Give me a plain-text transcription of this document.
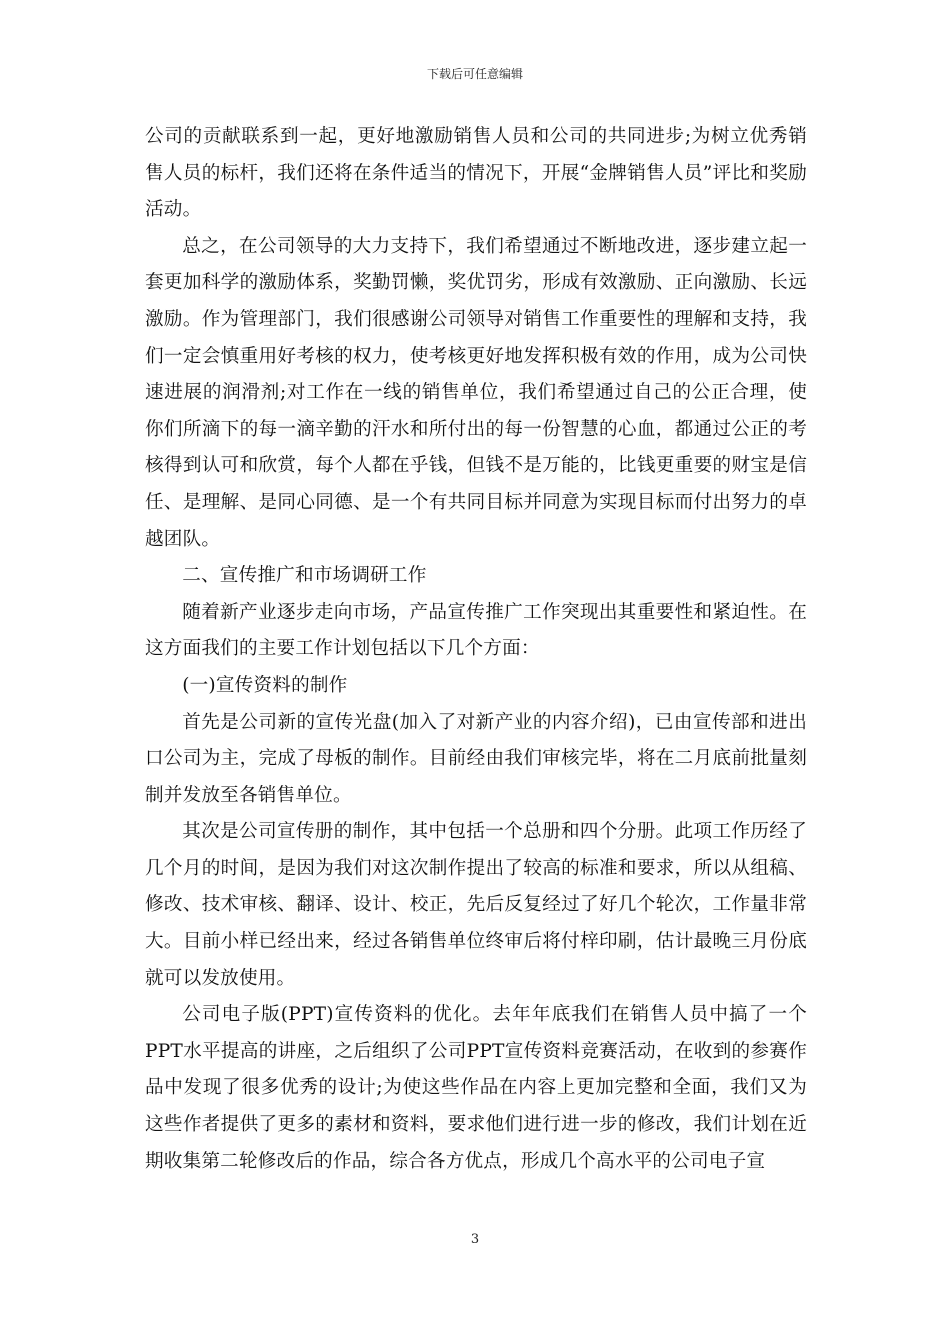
下载后可任意编辑

公司的贡献联系到一起，更好地激励销售人员和公司的共同进步;为树立优秀销售人员的标杆，我们还将在条件适当的情况下，开展“金牌销售人员”评比和奖励活动。

总之，在公司领导的大力支持下，我们希望通过不断地改进，逐步建立起一套更加科学的激励体系，奖勤罚懒，奖优罚劣，形成有效激励、正向激励、长远激励。作为管理部门，我们很感谢公司领导对销售工作重要性的理解和支持，我们一定会慎重用好考核的权力，使考核更好地发挥积极有效的作用，成为公司快速进展的润滑剂;对工作在一线的销售单位，我们希望通过自己的公正合理，使你们所滴下的每一滴辛勤的汗水和所付出的每一份智慧的心血，都通过公正的考核得到认可和欣赏，每个人都在乎钱，但钱不是万能的，比钱更重要的财宝是信任、是理解、是同心同德、是一个有共同目标并同意为实现目标而付出努力的卓越团队。

二、宣传推广和市场调研工作

随着新产业逐步走向市场，产品宣传推广工作突现出其重要性和紧迫性。在这方面我们的主要工作计划包括以下几个方面：

(一)宣传资料的制作

首先是公司新的宣传光盘(加入了对新产业的内容介绍)，已由宣传部和进出口公司为主，完成了母板的制作。目前经由我们审核完毕，将在二月底前批量刻制并发放至各销售单位。

其次是公司宣传册的制作，其中包括一个总册和四个分册。此项工作历经了几个月的时间，是因为我们对这次制作提出了较高的标准和要求，所以从组稿、修改、技术审核、翻译、设计、校正，先后反复经过了好几个轮次，工作量非常大。目前小样已经出来，经过各销售单位终审后将付梓印刷，估计最晚三月份底就可以发放使用。

公司电子版(PPT)宣传资料的优化。去年年底我们在销售人员中搞了一个PPT水平提高的讲座，之后组织了公司PPT宣传资料竞赛活动，在收到的参赛作品中发现了很多优秀的设计;为使这些作品在内容上更加完整和全面，我们又为这些作者提供了更多的素材和资料，要求他们进行进一步的修改，我们计划在近期收集第二轮修改后的作品，综合各方优点，形成几个高水平的公司电子宣

3
